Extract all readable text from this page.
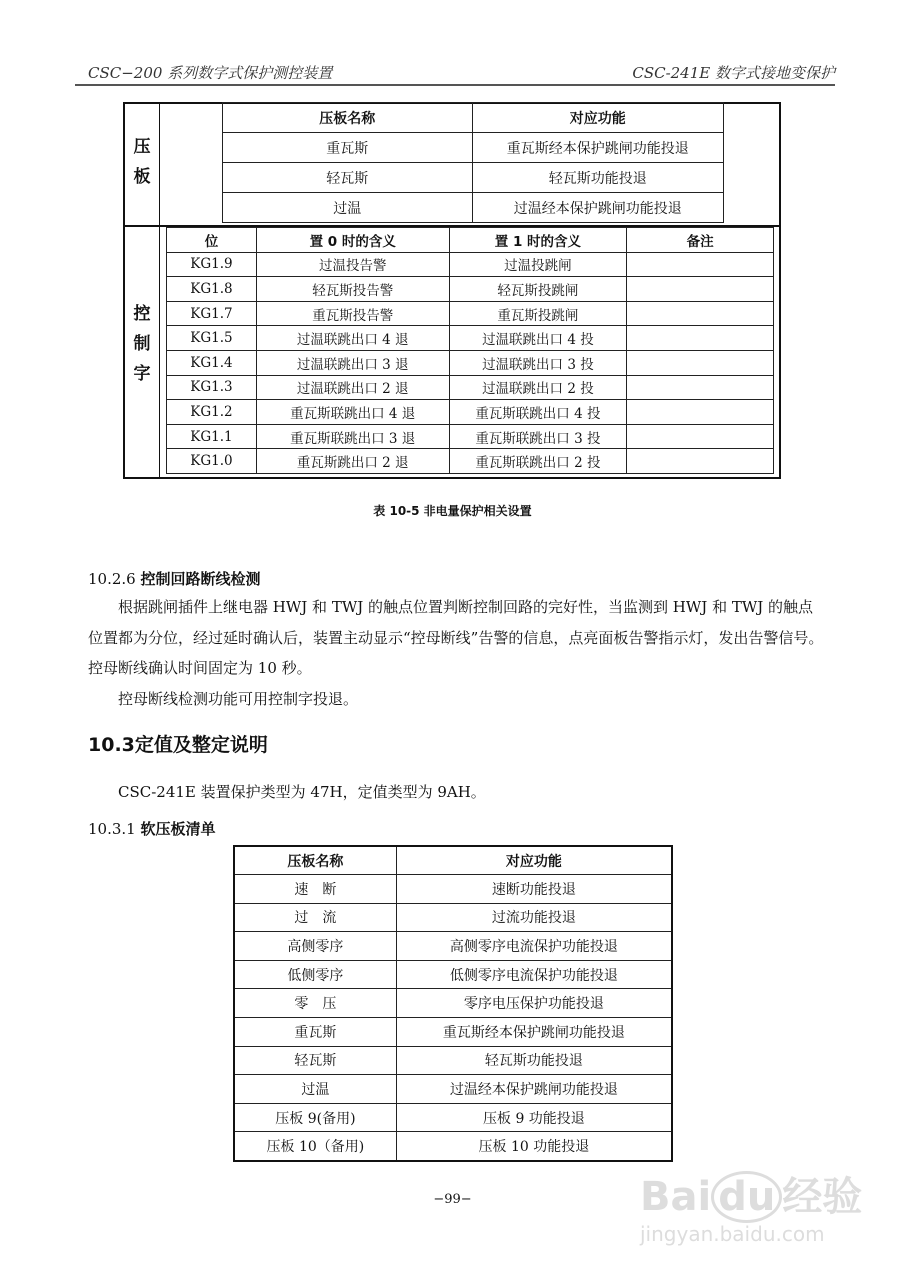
CSC−200 系列数字式保护测控装置	CSC-241E 数字式接地变保护
压板
控制字
压板名称	对应功能
重瓦斯	重瓦斯经本保护跳闸功能投退
轻瓦斯	轻瓦斯功能投退
过温	过温经本保护跳闸功能投退
位	置 0 时的含义	置 1 时的含义	备注
KG1.9	过温投告警	过温投跳闸	
KG1.8	轻瓦斯投告警	轻瓦斯投跳闸	
KG1.7	重瓦斯投告警	重瓦斯投跳闸	
KG1.5	过温联跳出口 4 退	过温联跳出口 4 投	
KG1.4	过温联跳出口 3 退	过温联跳出口 3 投	
KG1.3	过温联跳出口 2 退	过温联跳出口 2 投	
KG1.2	重瓦斯联跳出口 4 退	重瓦斯联跳出口 4 投	
KG1.1	重瓦斯联跳出口 3 退	重瓦斯联跳出口 3 投	
KG1.0	重瓦斯跳出口 2 退	重瓦斯联跳出口 2 投	
表 10-5 非电量保护相关设置
10.2.6 控制回路断线检测
根据跳闸插件上继电器 HWJ 和 TWJ 的触点位置判断控制回路的完好性，当监测到 HWJ 和 TWJ 的触点位置都为分位，经过延时确认后，装置主动显示“控母断线”告警的信息，点亮面板告警指示灯，发出告警信号。控母断线确认时间固定为 10 秒。
控母断线检测功能可用控制字投退。
10.3定值及整定说明
CSC-241E 装置保护类型为 47H，定值类型为 9AH。
10.3.1 软压板清单
压板名称	对应功能
速　断	速断功能投退
过　流	过流功能投退
高侧零序	高侧零序电流保护功能投退
低侧零序	低侧零序电流保护功能投退
零　压	零序电压保护功能投退
重瓦斯	重瓦斯经本保护跳闸功能投退
轻瓦斯	轻瓦斯功能投退
过温	过温经本保护跳闸功能投退
压板 9(备用)	压板 9 功能投退
压板 10（备用)	压板 10 功能投退
−99−	Bai du 经验
jingyan.baidu.com
